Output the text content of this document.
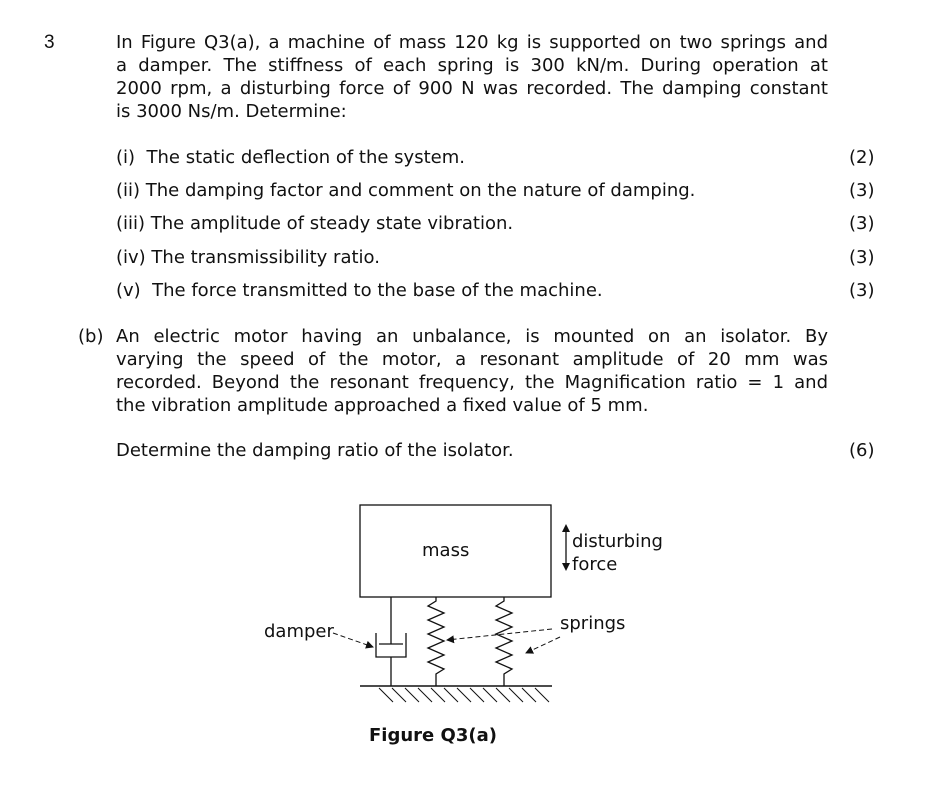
3	In Figure Q3(a), a machine of mass 120 kg is supported on two springs and
a damper. The stiffness of each spring is 300 kN/m. During operation at
2000 rpm, a disturbing force of 900 N was recorded. The damping constant
is 3000 Ns/m. Determine:
(i)  The static deflection of the system.	(2)
(ii) The damping factor and comment on the nature of damping.	(3)
(iii) The amplitude of steady state vibration.	(3)
(iv) The transmissibility ratio.	(3)
(v)  The force transmitted to the base of the machine.	(3)
(b) An electric motor having an unbalance, is mounted on an isolator. By
varying the speed of the motor, a resonant amplitude of 20 mm was
recorded. Beyond the resonant frequency, the Magnification ratio = 1 and
the vibration amplitude approached a fixed value of 5 mm.
Determine the damping ratio of the isolator.	(6)
mass	disturbing
force
damper	springs
Figure Q3(a)
